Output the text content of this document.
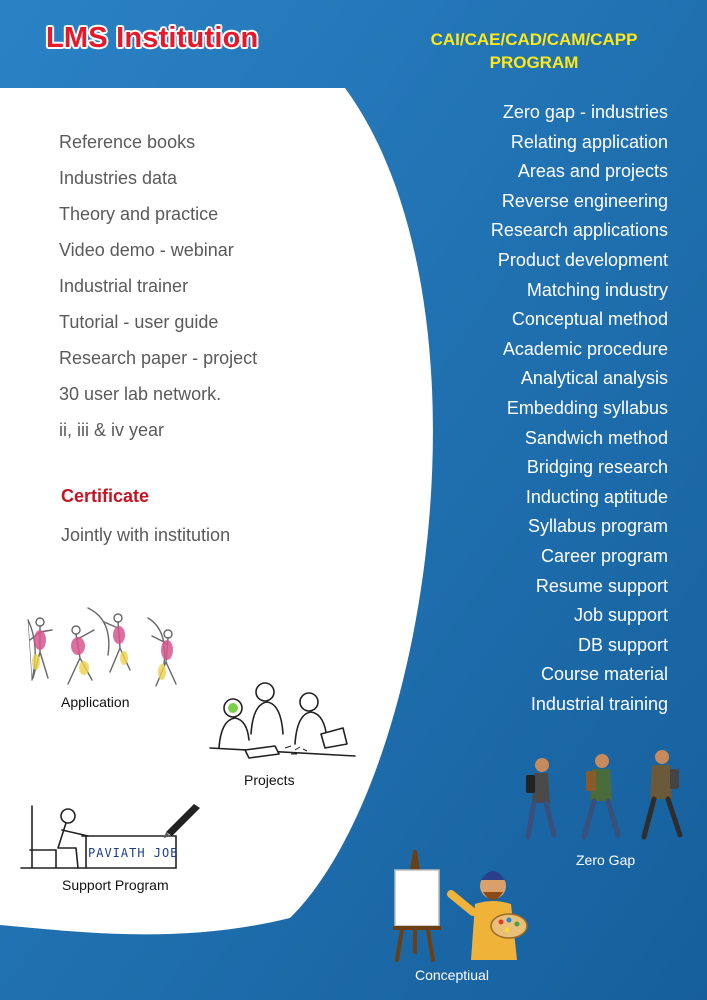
LMS Institution	CAI/CAE/CAD/CAM/CAPP
PROGRAM
Reference books
Industries data
Theory and practice
Video demo - webinar
Industrial trainer
Tutorial - user guide
Research paper - project
30 user lab network.
ii, iii & iv year
Certificate
Jointly with institution
Zero gap - industries
Relating application
Areas and projects
Reverse engineering
Research applications
Product development
Matching industry
Conceptual method
Academic procedure
Analytical analysis
Embedding syllabus
Sandwich method
Bridging research
Inducting aptitude
Syllabus program
Career program
Resume support
Job support
DB support
Course material
Industrial training
Application
Projects
PAVIATH JOB
Support Program
Zero Gap
Conceptiual
